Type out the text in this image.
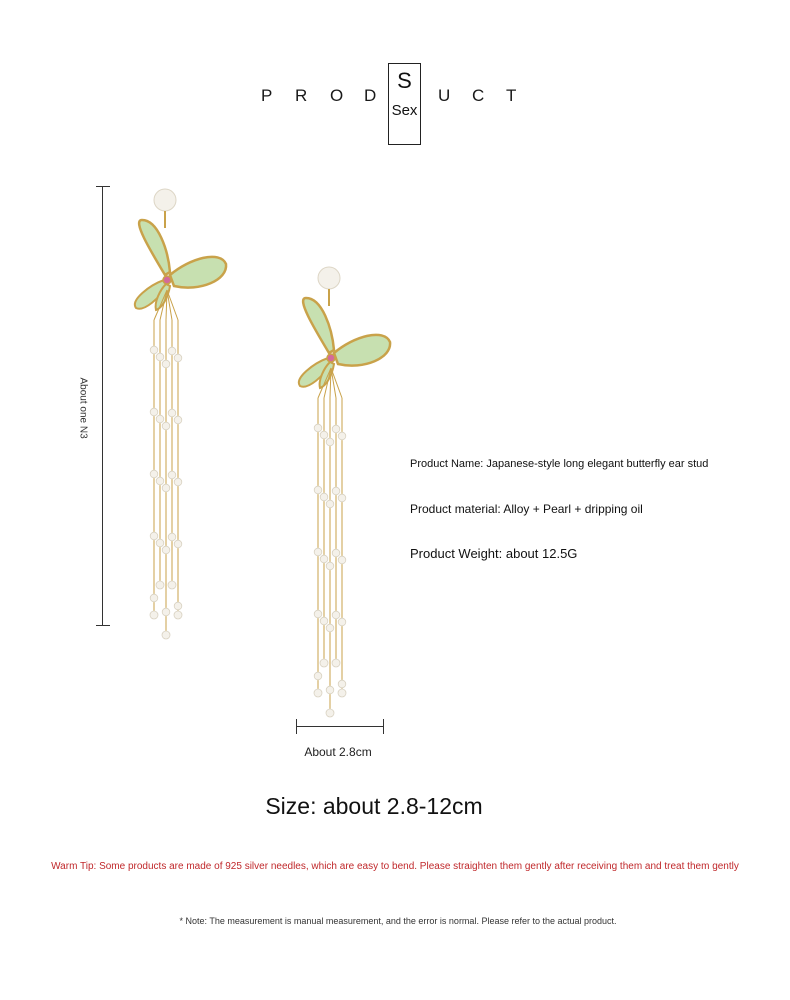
P R O D
S
Sex
U C T
About one N3
About 2.8cm
Product Name: Japanese-style long elegant butterfly ear stud
Product material: Alloy + Pearl + dripping oil
Product Weight: about 12.5G
Size: about 2.8-12cm
Warm Tip: Some products are made of 925 silver needles, which are easy to bend. Please straighten them gently after receiving them and treat them gently
* Note: The measurement is manual measurement, and the error is normal. Please refer to the actual product.
